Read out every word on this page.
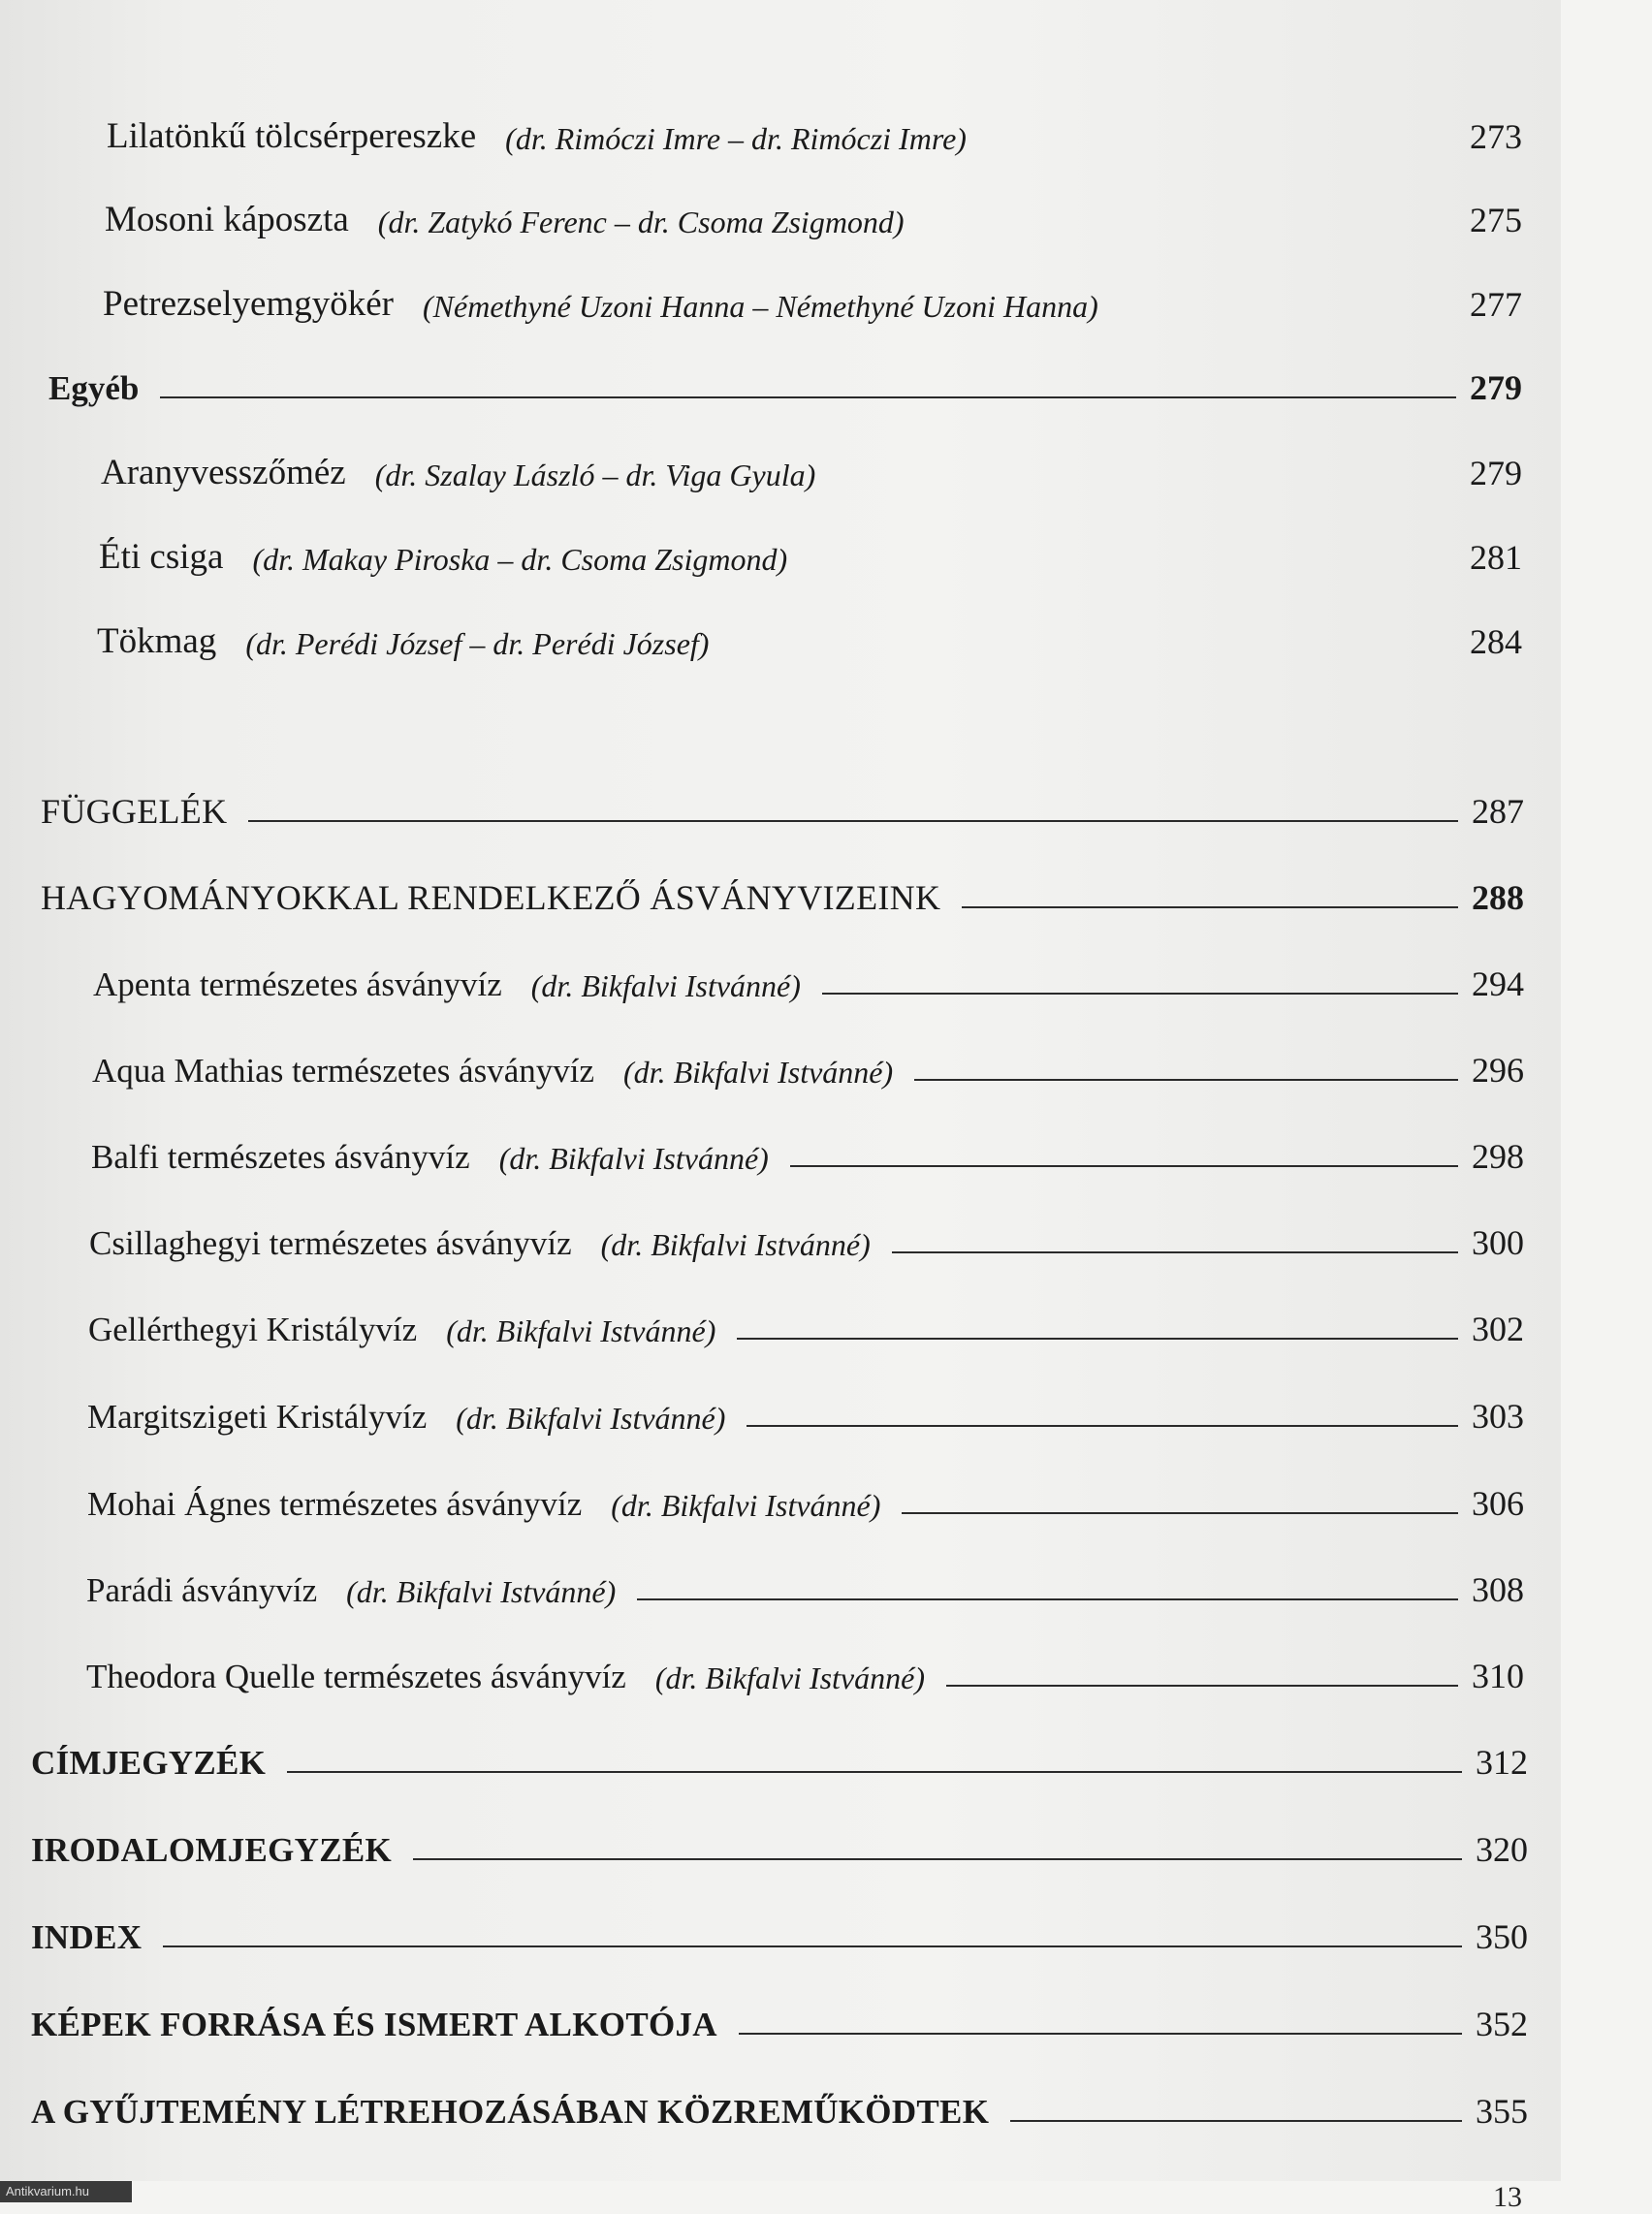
Lilatönkű tölcsérpereszke (dr. Rimóczi Imre – dr. Rimóczi Imre)	273
Mosoni káposzta (dr. Zatykó Ferenc – dr. Csoma Zsigmond)	275
Petrezselyemgyökér (Némethyné Uzoni Hanna – Némethyné Uzoni Hanna)	277
Egyéb	279
Aranyvesszőméz (dr. Szalay László – dr. Viga Gyula)	279
Éti csiga (dr. Makay Piroska – dr. Csoma Zsigmond)	281
Tökmag (dr. Perédi József – dr. Perédi József)	284
FÜGGELÉK	287
HAGYOMÁNYOKKAL RENDELKEZŐ ÁSVÁNYVIZEINK	288
Apenta természetes ásványvíz (dr. Bikfalvi Istvánné)	294
Aqua Mathias természetes ásványvíz (dr. Bikfalvi Istvánné)	296
Balfi természetes ásványvíz (dr. Bikfalvi Istvánné)	298
Csillaghegyi természetes ásványvíz (dr. Bikfalvi Istvánné)	300
Gellérthegyi Kristályvíz (dr. Bikfalvi Istvánné)	302
Margitszigeti Kristályvíz (dr. Bikfalvi Istvánné)	303
Mohai Ágnes természetes ásványvíz (dr. Bikfalvi Istvánné)	306
Parádi ásványvíz (dr. Bikfalvi Istvánné)	308
Theodora Quelle természetes ásványvíz (dr. Bikfalvi Istvánné)	310
CÍMJEGYZÉK	312
IRODALOMJEGYZÉK	320
INDEX	350
KÉPEK FORRÁSA ÉS ISMERT ALKOTÓJA	352
A GYŰJTEMÉNY LÉTREHOZÁSÁBAN KÖZREMŰKÖDTEK	355
Antikvarium.hu	13
